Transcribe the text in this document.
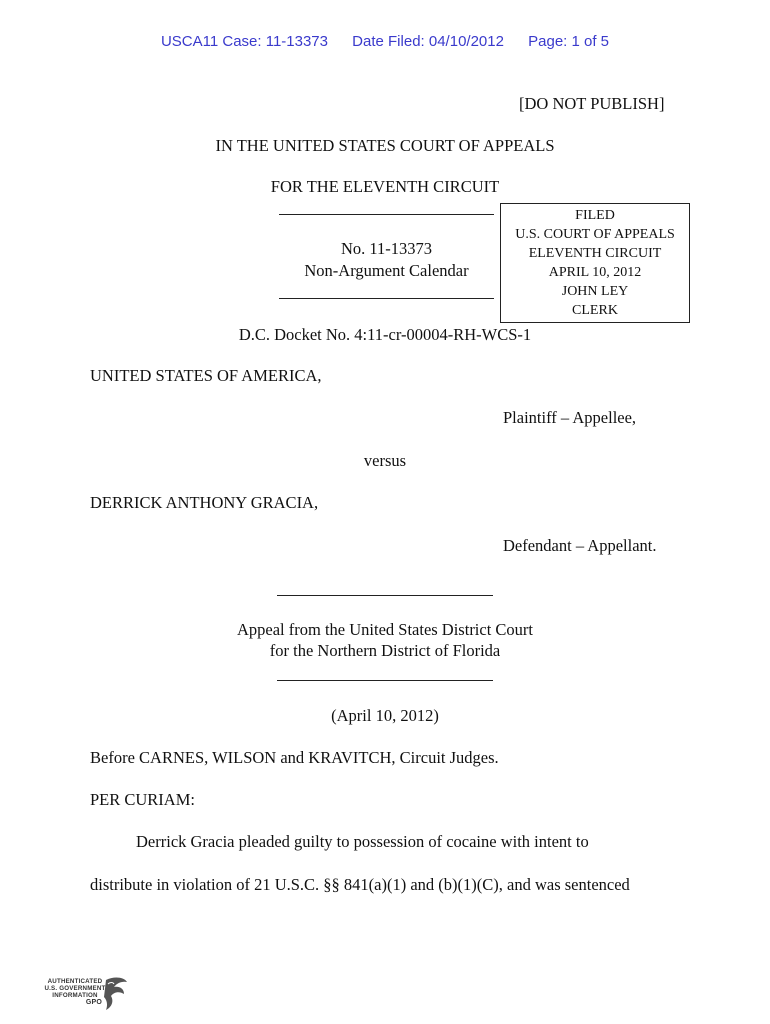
USCA11 Case: 11-13373 Date Filed: 04/10/2012 Page: 1 of 5
[DO NOT PUBLISH]
IN THE UNITED STATES COURT OF APPEALS
FOR THE ELEVENTH CIRCUIT
No. 11-13373
Non-Argument Calendar
FILED
U.S. COURT OF APPEALS
ELEVENTH CIRCUIT
APRIL 10, 2012
JOHN LEY
CLERK
D.C. Docket No. 4:11-cr-00004-RH-WCS-1
UNITED STATES OF AMERICA,
Plaintiff – Appellee,
versus
DERRICK ANTHONY GRACIA,
Defendant – Appellant.
Appeal from the United States District Court
for the Northern District of Florida
(April 10, 2012)
Before CARNES, WILSON and KRAVITCH, Circuit Judges.
PER CURIAM:
Derrick Gracia pleaded guilty to possession of cocaine with intent to
distribute in violation of 21 U.S.C. §§ 841(a)(1) and (b)(1)(C), and was sentenced
AUTHENTICATED
U.S. GOVERNMENT
INFORMATION
GPO
